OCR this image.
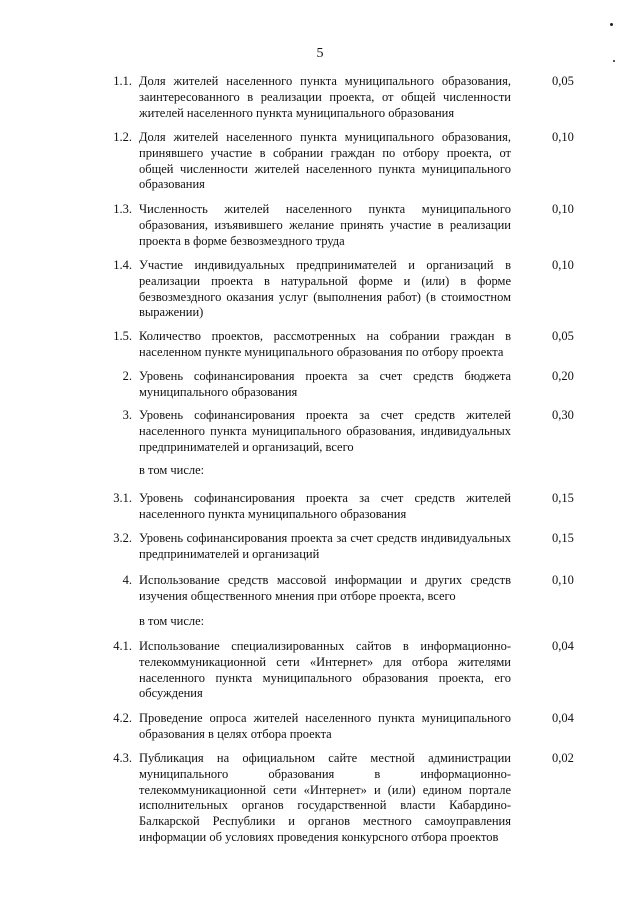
5
1.1. Доля жителей населенного пункта муниципального образования, заинтересованного в реализации проекта, от общей численности жителей населенного пункта муниципального образования
0,05
1.2. Доля жителей населенного пункта муниципального образования, принявшего участие в собрании граждан по отбору проекта, от общей численности жителей населенного пункта муниципального образования
0,10
1.3. Численность жителей населенного пункта муниципального образования, изъявившего желание принять участие в реализации проекта в форме безвозмездного труда
0,10
1.4. Участие индивидуальных предпринимателей и организаций в реализации проекта в натуральной форме и (или) в форме безвозмездного оказания услуг (выполнения работ) (в стоимостном выражении)
0,10
1.5. Количество проектов, рассмотренных на собрании граждан в населенном пункте муниципального образования по отбору проекта
0,05
2. Уровень софинансирования проекта за счет средств бюджета муниципального образования
0,20
3. Уровень софинансирования проекта за счет средств жителей населенного пункта муниципального образования, индивидуальных предпринимателей и организаций, всего
0,30
в том числе:
3.1. Уровень софинансирования проекта за счет средств жителей населенного пункта муниципального образования
0,15
3.2. Уровень софинансирования проекта за счет средств индивидуальных предпринимателей и организаций
0,15
4. Использование средств массовой информации и других средств изучения общественного мнения при отборе проекта, всего
0,10
в том числе:
4.1. Использование специализированных сайтов в информационно-телекоммуникационной сети «Интернет» для отбора жителями населенного пункта муниципального образования проекта, его обсуждения
0,04
4.2. Проведение опроса жителей населенного пункта муниципального образования в целях отбора проекта
0,04
4.3. Публикация на официальном сайте местной администрации муниципального образования в информационно-телекоммуникационной сети «Интернет» и (или) едином портале исполнительных органов государственной власти Кабардино-Балкарской Республики и органов местного самоуправления информации об условиях проведения конкурсного отбора проектов
0,02
